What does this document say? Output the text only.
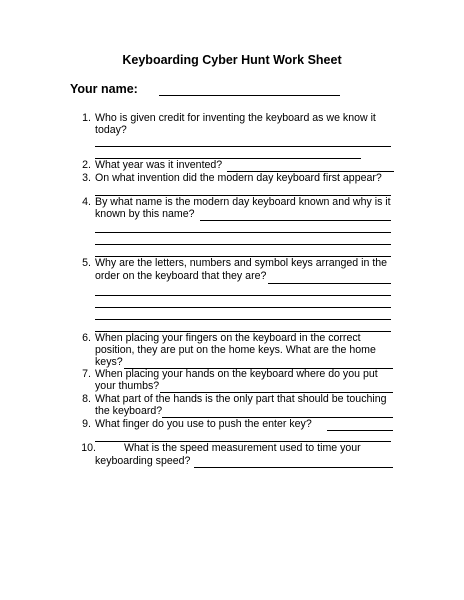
Keyboarding Cyber Hunt Work Sheet
Your name:
1. Who is given credit for inventing the keyboard as we know it
today?
2. What year was it invented?
3. On what invention did the modern day keyboard first appear?
4. By what name is the modern day keyboard known and why is it
known by this name?
5. Why are the letters, numbers and symbol keys arranged in the
order on the keyboard that they are?
6. When placing your fingers on the keyboard in the correct
position, they are put on the home keys. What are the home
keys?
7. When placing your hands on the keyboard where do you put
your thumbs?
8. What part of the hands is the only part that should be touching
the keyboard?
9. What finger do you use to push the enter key?
10.	What is the speed measurement used to time your
keyboarding speed?
